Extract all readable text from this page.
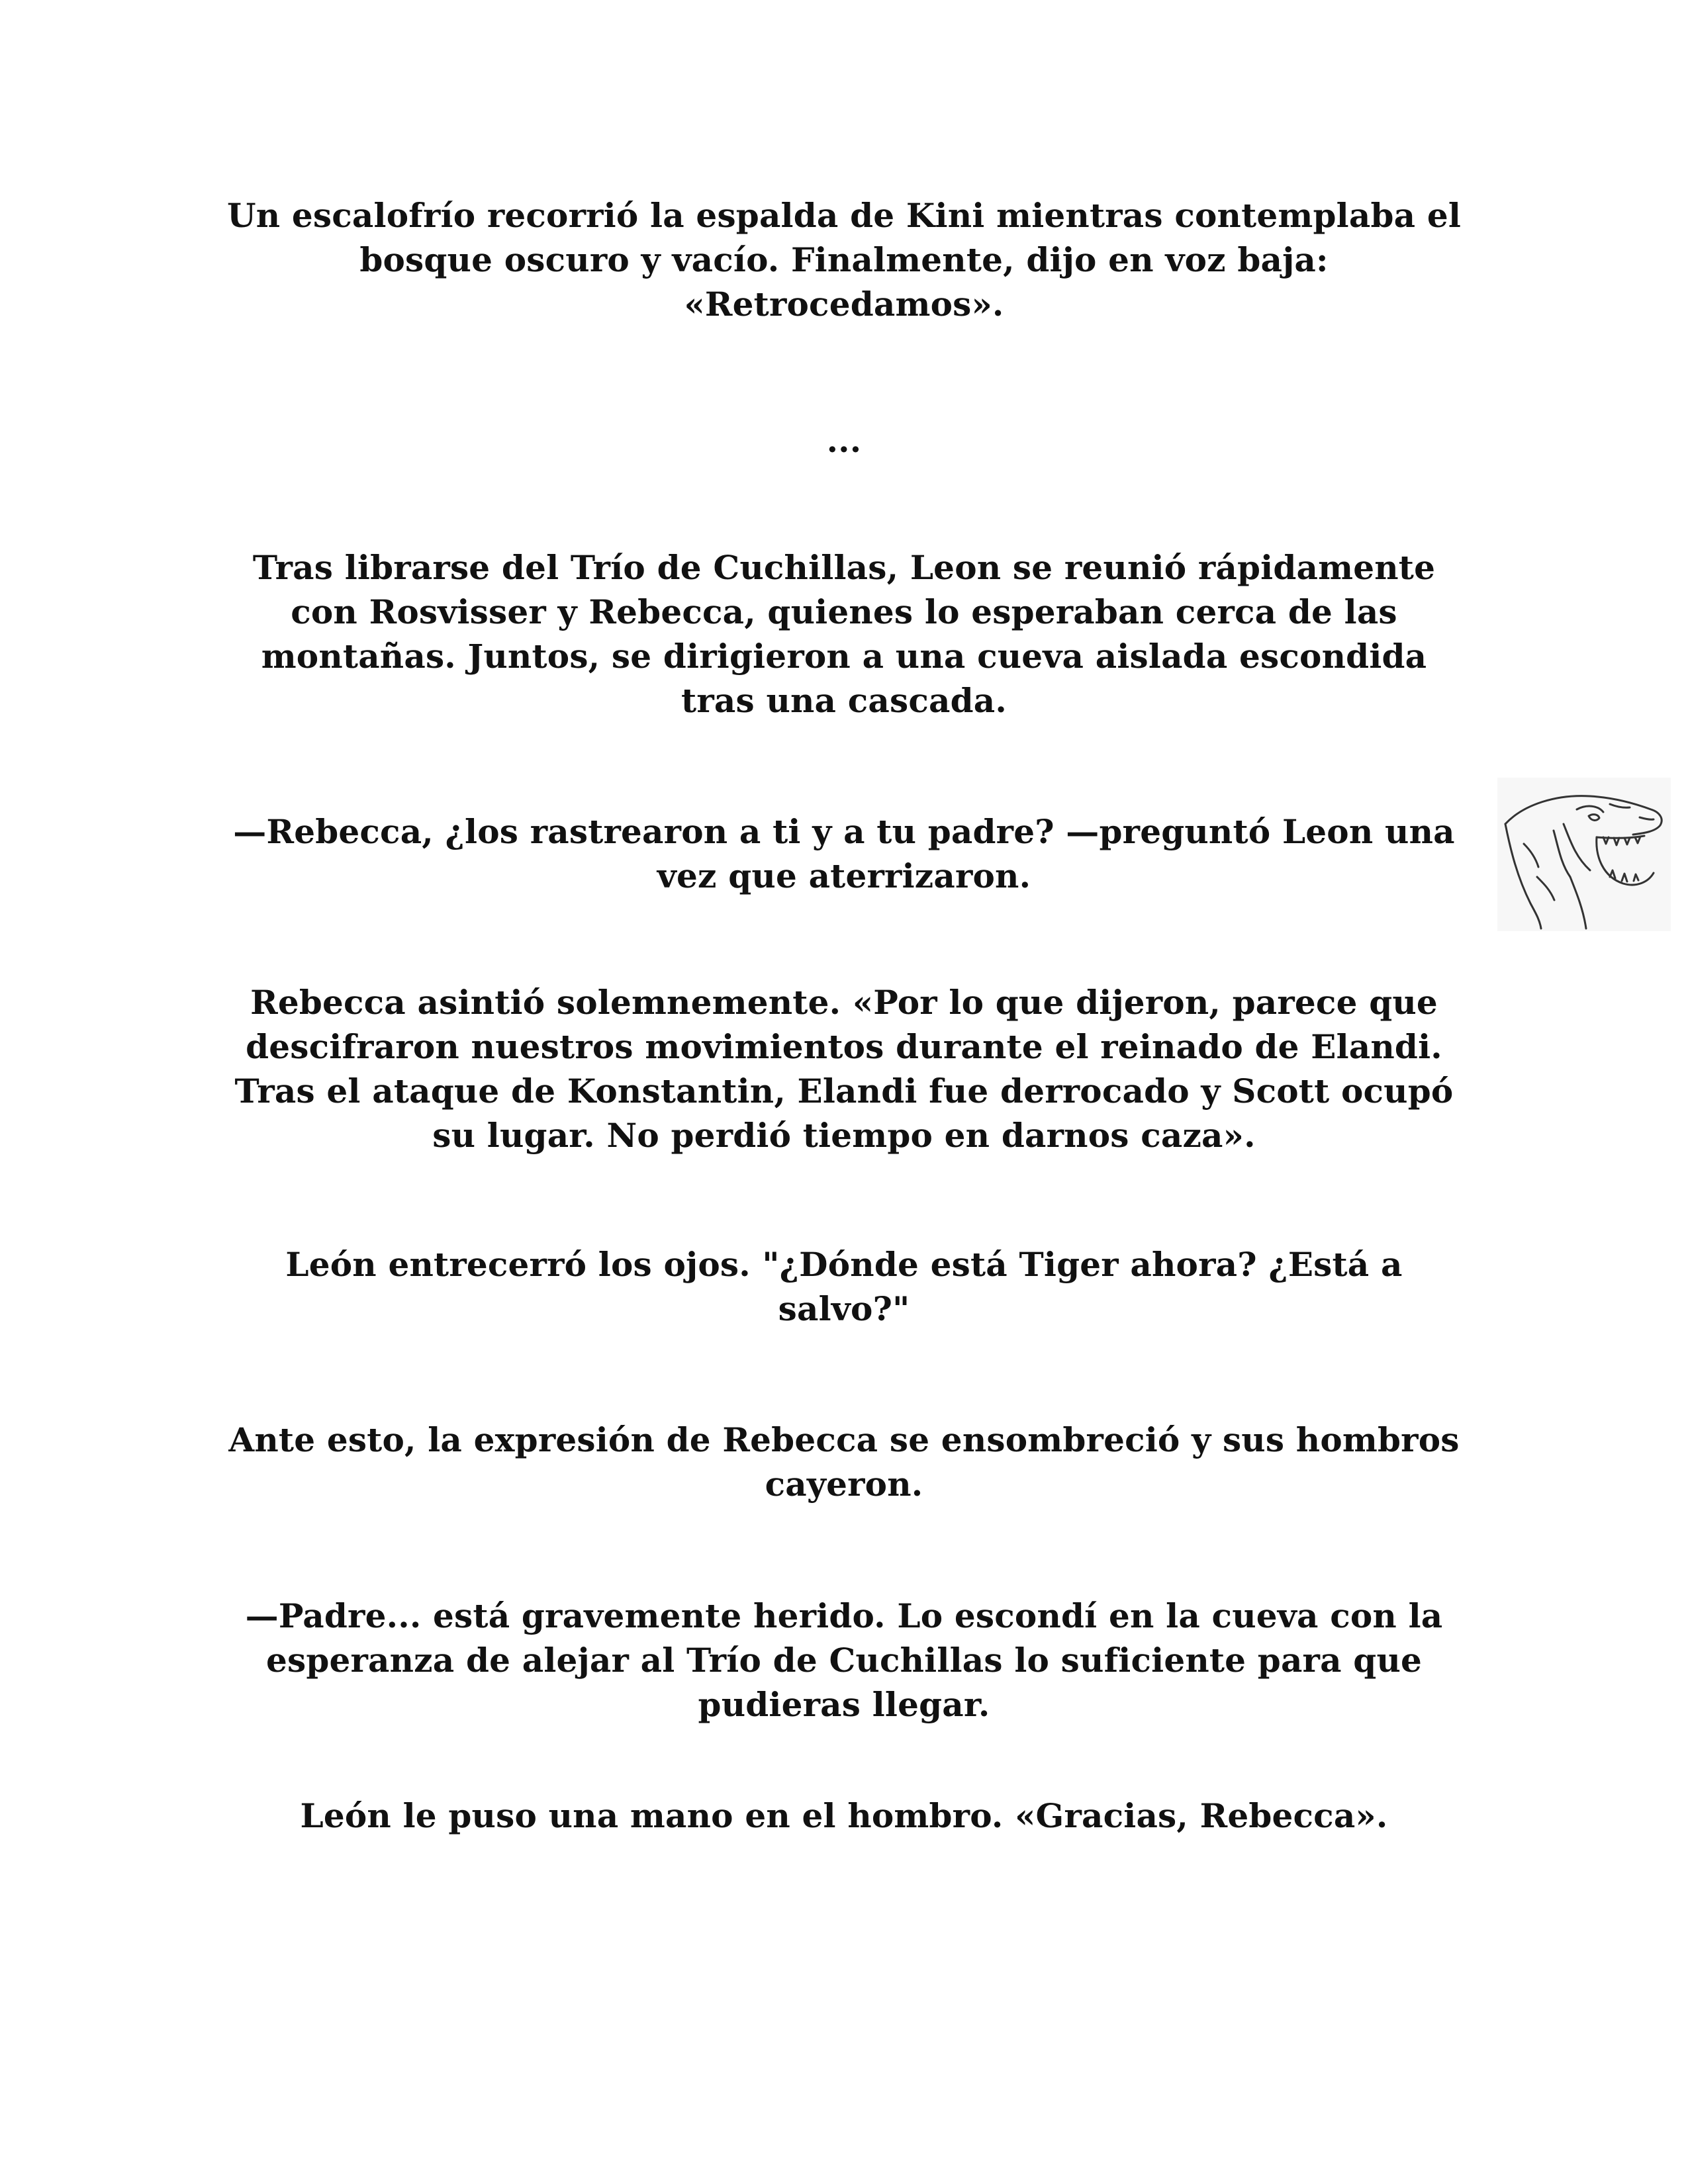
Un escalofrío recorrió la espalda de Kini mientras contemplaba el bosque oscuro y vacío. Finalmente, dijo en voz baja: «Retrocedamos».

...

Tras librarse del Trío de Cuchillas, Leon se reunió rápidamente con Rosvisser y Rebecca, quienes lo esperaban cerca de las montañas. Juntos, se dirigieron a una cueva aislada escondida tras una cascada.

—Rebecca, ¿los rastrearon a ti y a tu padre? —preguntó Leon una vez que aterrizaron.

Rebecca asintió solemnemente. «Por lo que dijeron, parece que descifraron nuestros movimientos durante el reinado de Elandi. Tras el ataque de Konstantin, Elandi fue derrocado y Scott ocupó su lugar. No perdió tiempo en darnos caza».

León entrecerró los ojos. "¿Dónde está Tiger ahora? ¿Está a salvo?"

Ante esto, la expresión de Rebecca se ensombreció y sus hombros cayeron.

—Padre... está gravemente herido. Lo escondí en la cueva con la esperanza de alejar al Trío de Cuchillas lo suficiente para que pudieras llegar.

León le puso una mano en el hombro. «Gracias, Rebecca».
